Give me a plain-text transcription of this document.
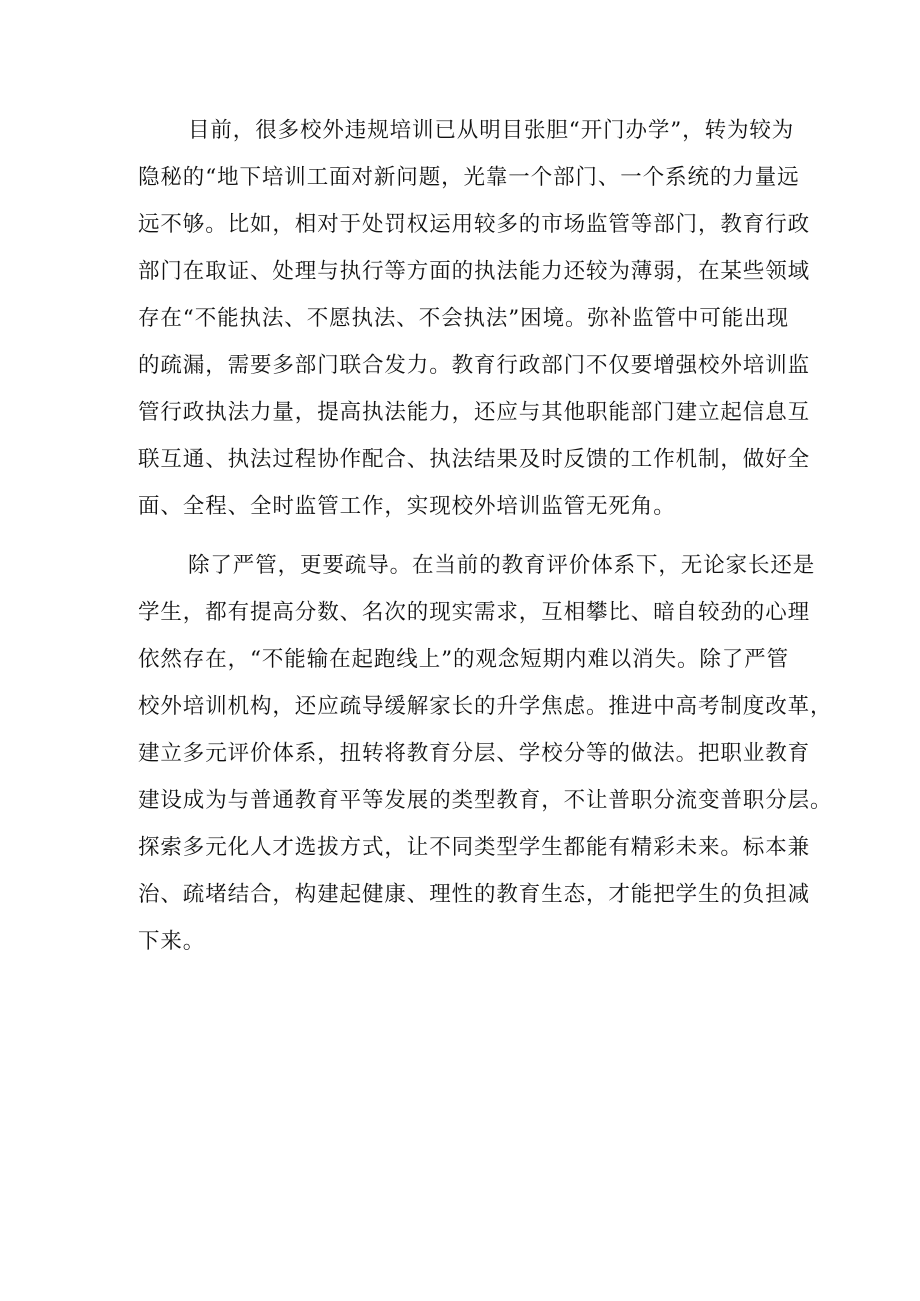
目前，很多校外违规培训已从明目张胆“开门办学”，转为较为
隐秘的“地下培训工面对新问题，光靠一个部门、一个系统的力量远
远不够。比如，相对于处罚权运用较多的市场监管等部门，教育行政
部门在取证、处理与执行等方面的执法能力还较为薄弱，在某些领域
存在“不能执法、不愿执法、不会执法”困境。弥补监管中可能出现
的疏漏，需要多部门联合发力。教育行政部门不仅要增强校外培训监
管行政执法力量，提高执法能力，还应与其他职能部门建立起信息互
联互通、执法过程协作配合、执法结果及时反馈的工作机制，做好全
面、全程、全时监管工作，实现校外培训监管无死角。
除了严管，更要疏导。在当前的教育评价体系下，无论家长还是
学生，都有提高分数、名次的现实需求，互相攀比、暗自较劲的心理
依然存在，“不能输在起跑线上”的观念短期内难以消失。除了严管
校外培训机构，还应疏导缓解家长的升学焦虑。推进中高考制度改革，
建立多元评价体系，扭转将教育分层、学校分等的做法。把职业教育
建设成为与普通教育平等发展的类型教育，不让普职分流变普职分层。
探索多元化人才选拔方式，让不同类型学生都能有精彩未来。标本兼
治、疏堵结合，构建起健康、理性的教育生态，才能把学生的负担减
下来。
